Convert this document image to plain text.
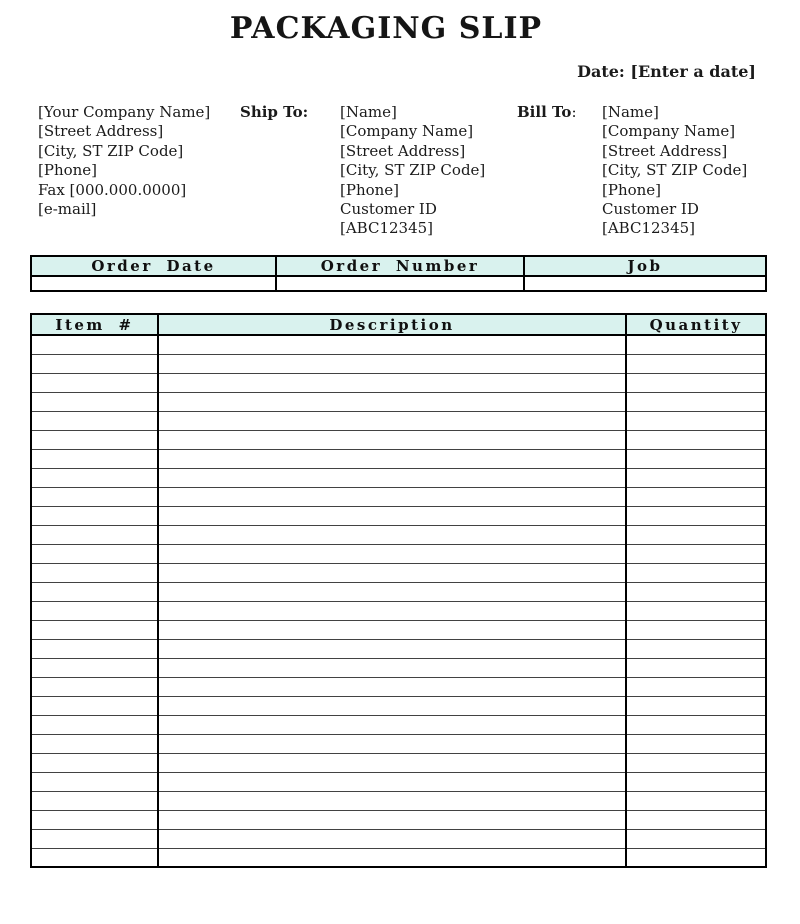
PACKAGING SLIP
Date: [Enter a date]
[Your Company Name]
[Street Address]
[City, ST ZIP Code]
[Phone]
Fax [000.000.0000]
[e-mail]
Ship To:	[Name]
[Company Name]
[Street Address]
[City, ST ZIP Code]
[Phone]
Customer ID
[ABC12345]
Bill To:	[Name]
[Company Name]
[Street Address]
[City, ST ZIP Code]
[Phone]
Customer ID
[ABC12345]
Order Date	Order Number	Job

Item #	Description	Quantity
